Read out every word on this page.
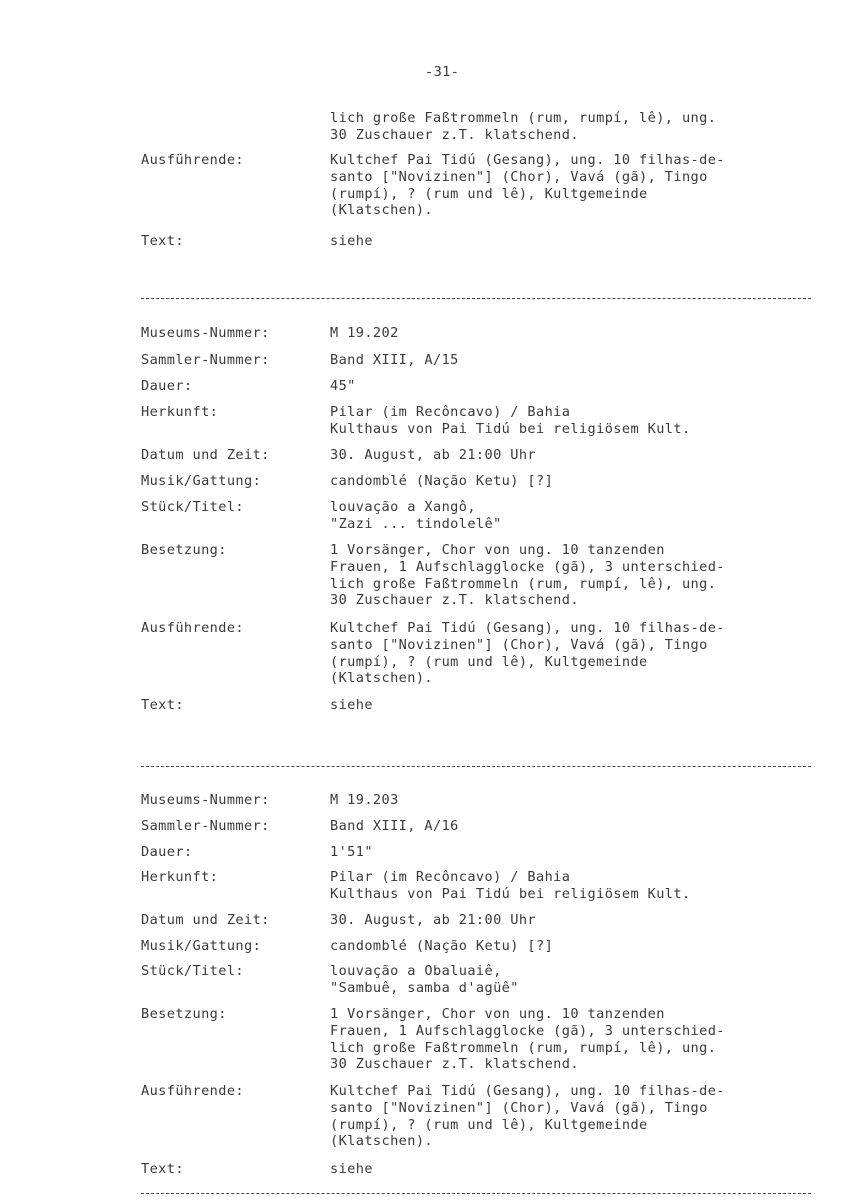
-31-
lich große Faßtrommeln (rum, rumpí, lê), ung.
30 Zuschauer z.T. klatschend.
Ausführende:	Kultchef Pai Tidú (Gesang), ung. 10 filhas-de-
santo ["Novizinen"] (Chor), Vavá (gã), Tingo
(rumpí), ? (rum und lê), Kultgemeinde
(Klatschen).
Text:	siehe
Museums-Nummer:	M 19.202
Sammler-Nummer:	Band XIII, A/15
Dauer:	45"
Herkunft:	Pilar (im Recôncavo) / Bahia
Kulthaus von Pai Tidú bei religiösem Kult.
Datum und Zeit:	30. August, ab 21:00 Uhr
Musik/Gattung:	candomblé (Nação Ketu) [?]
Stück/Titel:	louvação a Xangô,
"Zazi ... tindolelê"
Besetzung:	1 Vorsänger, Chor von ung. 10 tanzenden
Frauen, 1 Aufschlagglocke (gã), 3 unterschied-
lich große Faßtrommeln (rum, rumpí, lê), ung.
30 Zuschauer z.T. klatschend.
Ausführende:	Kultchef Pai Tidú (Gesang), ung. 10 filhas-de-
santo ["Novizinen"] (Chor), Vavá (gã), Tingo
(rumpí), ? (rum und lê), Kultgemeinde
(Klatschen).
Text:	siehe
Museums-Nummer:	M 19.203
Sammler-Nummer:	Band XIII, A/16
Dauer:	1'51"
Herkunft:	Pilar (im Recôncavo) / Bahia
Kulthaus von Pai Tidú bei religiösem Kult.
Datum und Zeit:	30. August, ab 21:00 Uhr
Musik/Gattung:	candomblé (Nação Ketu) [?]
Stück/Titel:	louvação a Obaluaiê,
"Sambuê, samba d'agüê"
Besetzung:	1 Vorsänger, Chor von ung. 10 tanzenden
Frauen, 1 Aufschlagglocke (gã), 3 unterschied-
lich große Faßtrommeln (rum, rumpí, lê), ung.
30 Zuschauer z.T. klatschend.
Ausführende:	Kultchef Pai Tidú (Gesang), ung. 10 filhas-de-
santo ["Novizinen"] (Chor), Vavá (gã), Tingo
(rumpí), ? (rum und lê), Kultgemeinde
(Klatschen).
Text:	siehe
